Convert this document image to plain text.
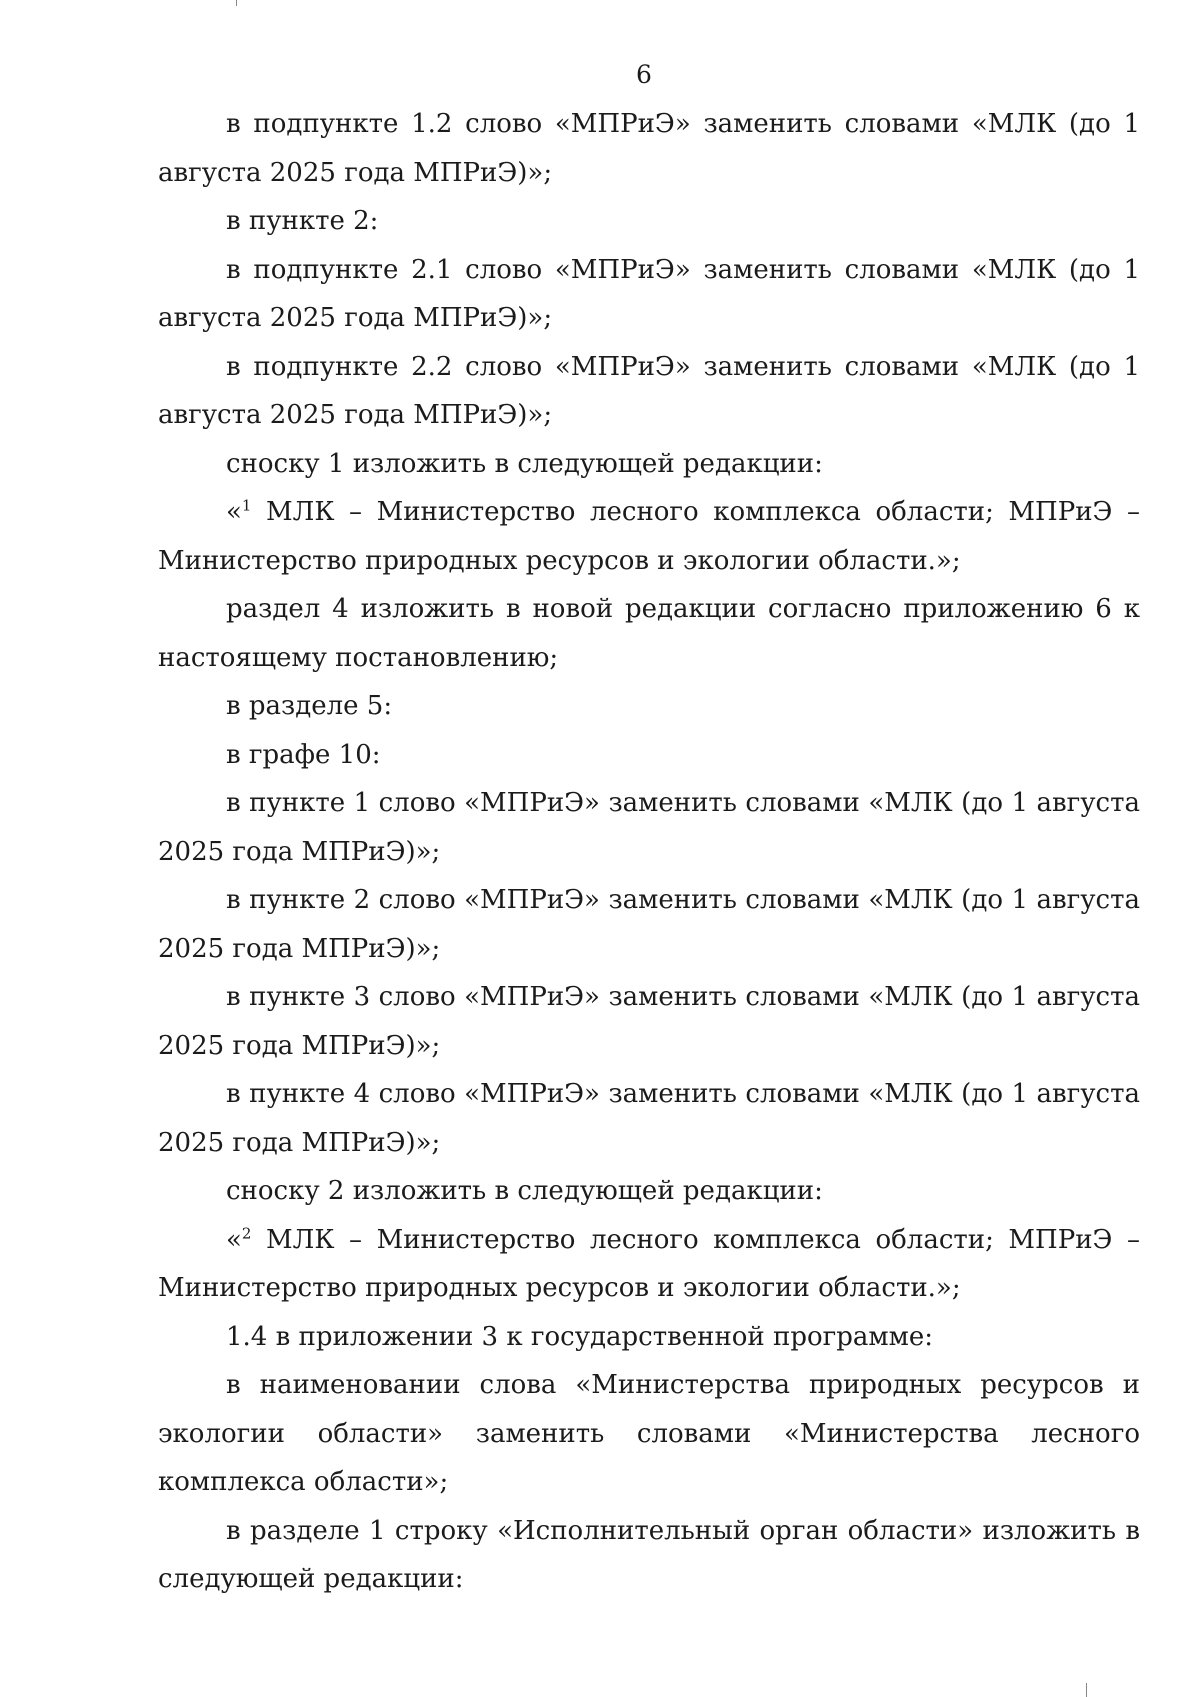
6

в подпункте 1.2 слово «МПРиЭ» заменить словами «МЛК (до 1 августа 2025 года МПРиЭ)»;

в пункте 2:

в подпункте 2.1 слово «МПРиЭ» заменить словами «МЛК (до 1 августа 2025 года МПРиЭ)»;

в подпункте 2.2 слово «МПРиЭ» заменить словами «МЛК (до 1 августа 2025 года МПРиЭ)»;

сноску 1 изложить в следующей редакции:

«$^1$ МЛК – Министерство лесного комплекса области; МПРиЭ – Министерство природных ресурсов и экологии области.»;

раздел 4 изложить в новой редакции согласно приложению 6 к настоящему постановлению;

в разделе 5:

в графе 10:

в пункте 1 слово «МПРиЭ» заменить словами «МЛК (до 1 августа 2025 года МПРиЭ)»;

в пункте 2 слово «МПРиЭ» заменить словами «МЛК (до 1 августа 2025 года МПРиЭ)»;

в пункте 3 слово «МПРиЭ» заменить словами «МЛК (до 1 августа 2025 года МПРиЭ)»;

в пункте 4 слово «МПРиЭ» заменить словами «МЛК (до 1 августа 2025 года МПРиЭ)»;

сноску 2 изложить в следующей редакции:

«$^2$ МЛК – Министерство лесного комплекса области; МПРиЭ – Министерство природных ресурсов и экологии области.»;

1.4 в приложении 3 к государственной программе:

в наименовании слова «Министерства природных ресурсов и экологии области» заменить словами «Министерства лесного комплекса области»;

в разделе 1 строку «Исполнительный орган области» изложить в следующей редакции:
